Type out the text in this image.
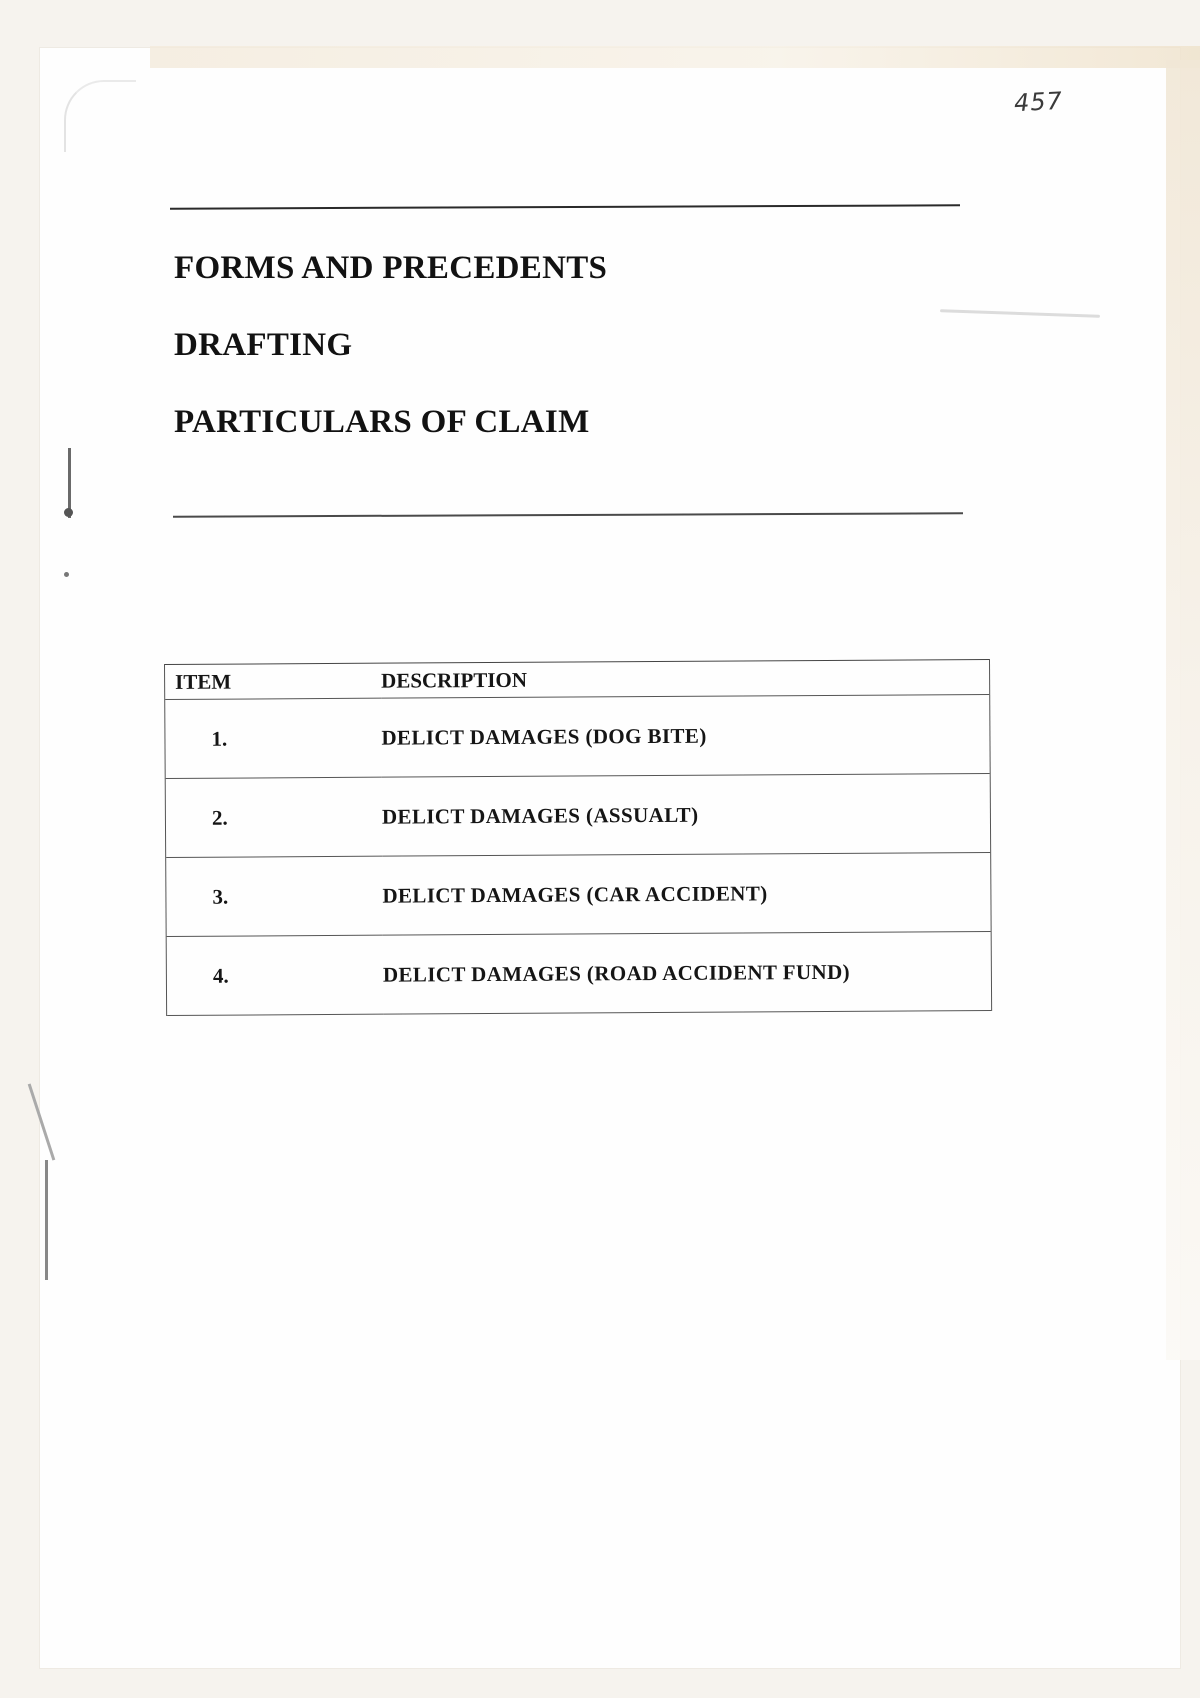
457
FORMS AND PRECEDENTS
DRAFTING
PARTICULARS OF CLAIM
ITEM	DESCRIPTION
1.	DELICT DAMAGES (DOG BITE)
2.	DELICT DAMAGES (ASSUALT)
3.	DELICT DAMAGES (CAR ACCIDENT)
4.	DELICT DAMAGES (ROAD ACCIDENT FUND)
